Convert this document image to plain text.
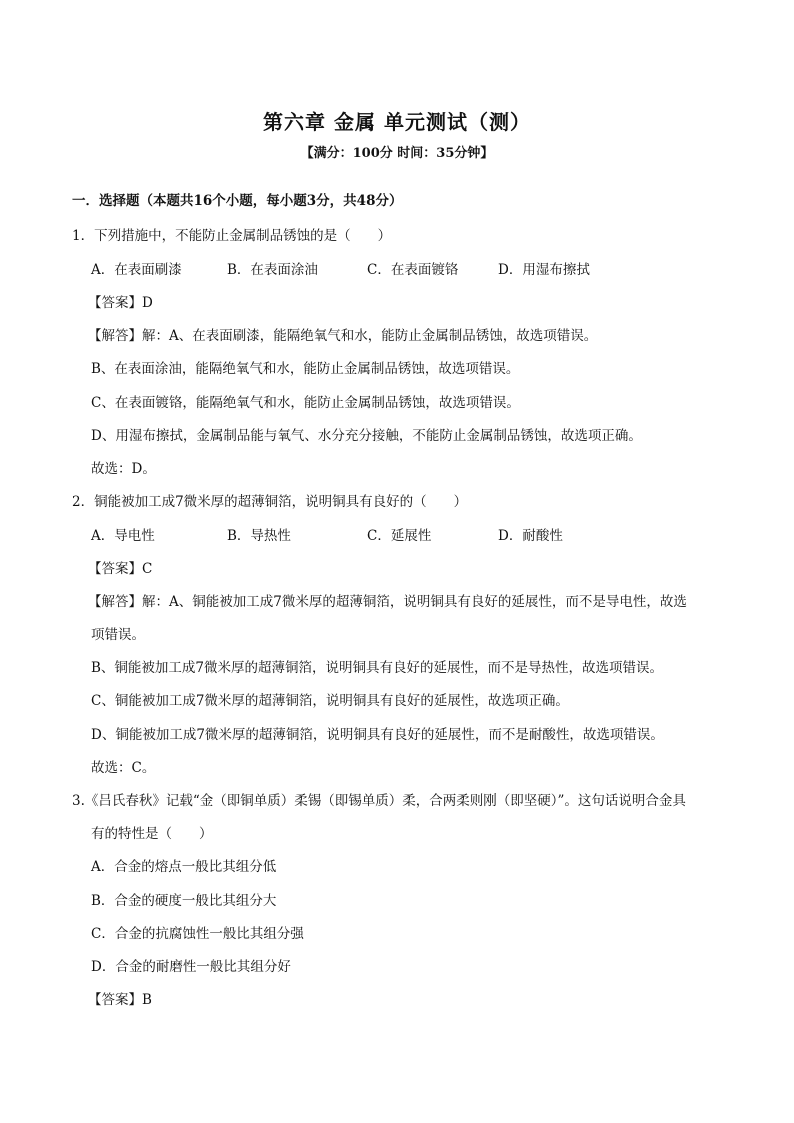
第六章 金属 单元测试（测）
【满分：100分 时间：35分钟】
一．选择题（本题共16个小题，每小题3分，共48分）
1．下列措施中，不能防止金属制品锈蚀的是（　　）
A．在表面刷漆	B．在表面涂油	C．在表面镀铬	D．用湿布擦拭
【答案】D
【解答】解：A、在表面刷漆，能隔绝氧气和水，能防止金属制品锈蚀，故选项错误。
B、在表面涂油，能隔绝氧气和水，能防止金属制品锈蚀，故选项错误。
C、在表面镀铬，能隔绝氧气和水，能防止金属制品锈蚀，故选项错误。
D、用湿布擦拭，金属制品能与氧气、水分充分接触，不能防止金属制品锈蚀，故选项正确。
故选：D。
2．铜能被加工成7微米厚的超薄铜箔，说明铜具有良好的（　　）
A．导电性	B．导热性	C．延展性	D．耐酸性
【答案】C
【解答】解：A、铜能被加工成7微米厚的超薄铜箔，说明铜具有良好的延展性，而不是导电性，故选
项错误。
B、铜能被加工成7微米厚的超薄铜箔，说明铜具有良好的延展性，而不是导热性，故选项错误。
C、铜能被加工成7微米厚的超薄铜箔，说明铜具有良好的延展性，故选项正确。
D、铜能被加工成7微米厚的超薄铜箔，说明铜具有良好的延展性，而不是耐酸性，故选项错误。
故选：C。
3.《吕氏春秋》记载“金（即铜单质）柔锡（即锡单质）柔，合两柔则刚（即坚硬）”。这句话说明合金具
有的特性是（　　）
A．合金的熔点一般比其组分低
B．合金的硬度一般比其组分大
C．合金的抗腐蚀性一般比其组分强
D．合金的耐磨性一般比其组分好
【答案】B
